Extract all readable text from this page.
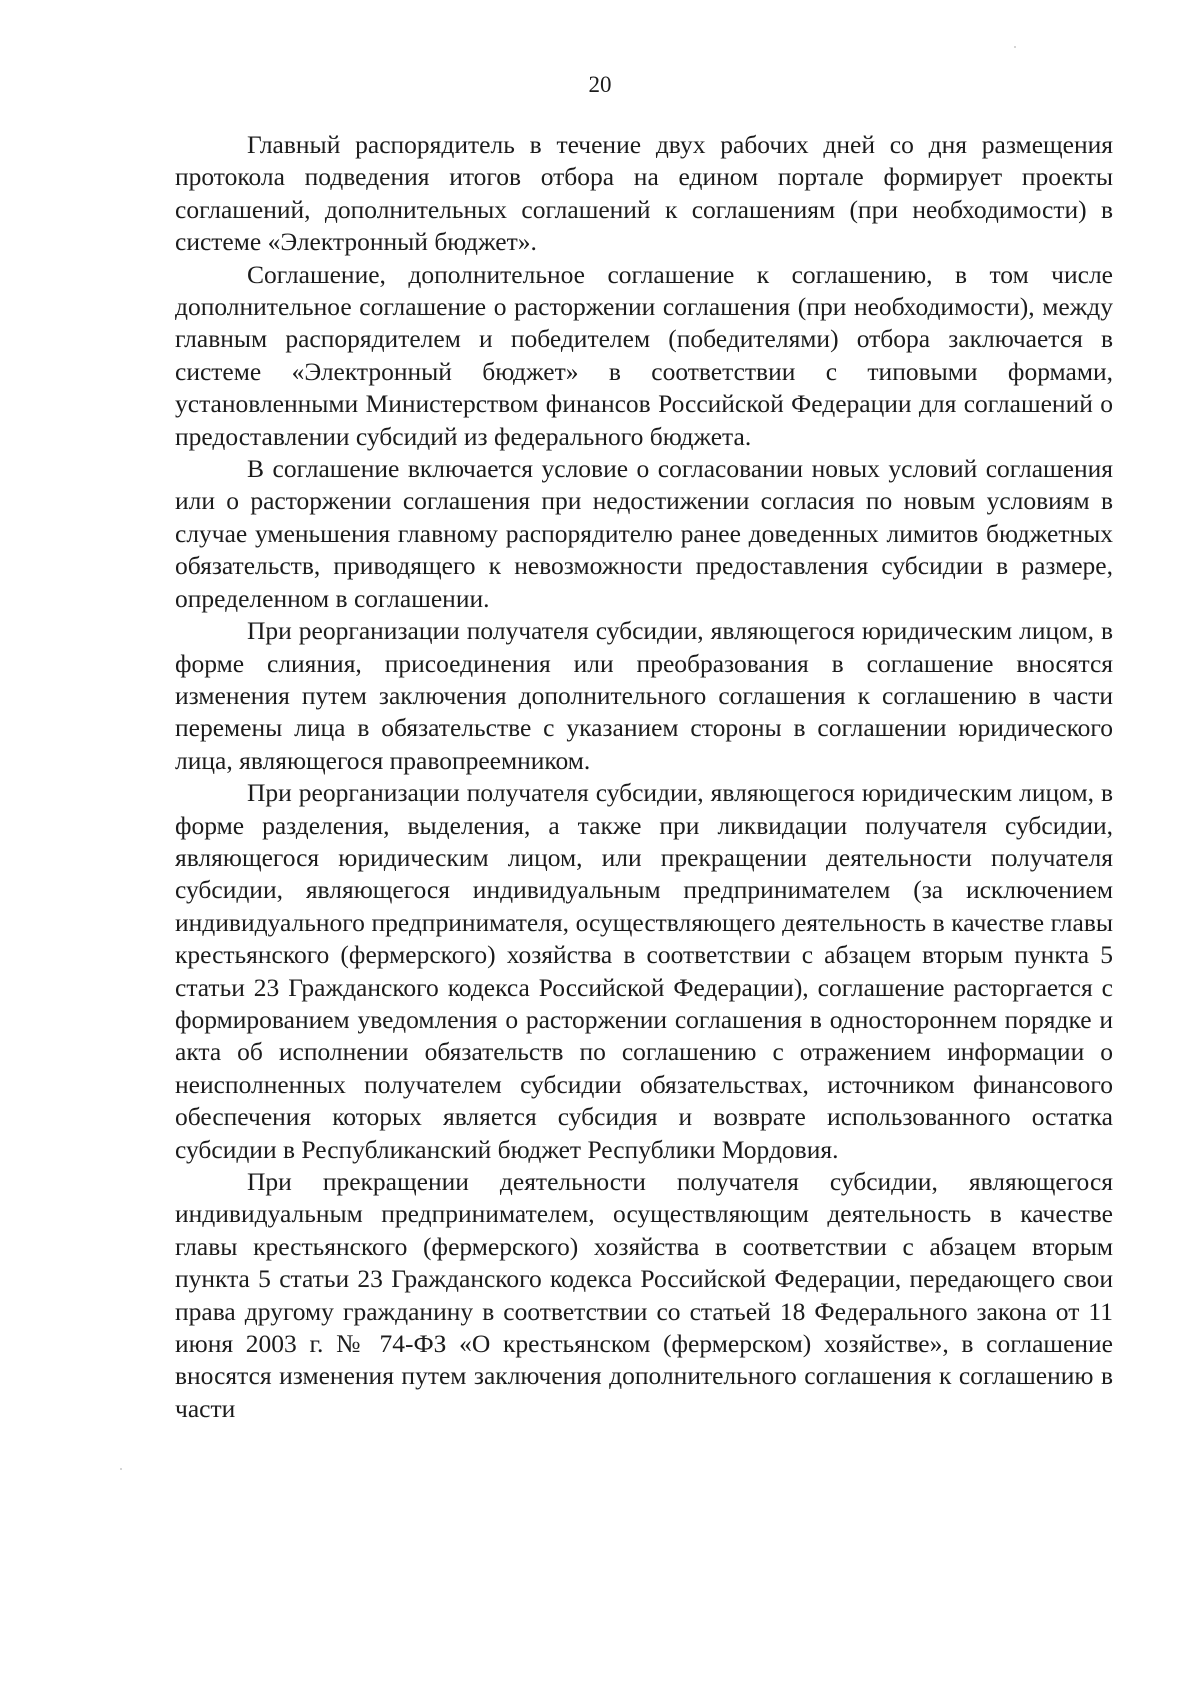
20

Главный распорядитель в течение двух рабочих дней со дня размещения протокола подведения итогов отбора на едином портале формирует проекты соглашений, дополнительных соглашений к соглашениям (при необходимости) в системе «Электронный бюджет».

Соглашение, дополнительное соглашение к соглашению, в том числе дополнительное соглашение о расторжении соглашения (при необходимости), между главным распорядителем и победителем (победителями) отбора заключается в системе «Электронный бюджет» в соответствии с типовыми формами, установленными Министерством финансов Российской Федерации для соглашений о предоставлении субсидий из федерального бюджета.

В соглашение включается условие о согласовании новых условий соглашения или о расторжении соглашения при недостижении согласия по новым условиям в случае уменьшения главному распорядителю ранее доведенных лимитов бюджетных обязательств, приводящего к невозможности предоставления субсидии в размере, определенном в соглашении.

При реорганизации получателя субсидии, являющегося юридическим лицом, в форме слияния, присоединения или преобразования в соглашение вносятся изменения путем заключения дополнительного соглашения к соглашению в части перемены лица в обязательстве с указанием стороны в соглашении юридического лица, являющегося правопреемником.

При реорганизации получателя субсидии, являющегося юридическим лицом, в форме разделения, выделения, а также при ликвидации получателя субсидии, являющегося юридическим лицом, или прекращении деятельности получателя субсидии, являющегося индивидуальным предпринимателем (за исключением индивидуального предпринимателя, осуществляющего деятельность в качестве главы крестьянского (фермерского) хозяйства в соответствии с абзацем вторым пункта 5 статьи 23 Гражданского кодекса Российской Федерации), соглашение расторгается с формированием уведомления о расторжении соглашения в одностороннем порядке и акта об исполнении обязательств по соглашению с отражением информации о неисполненных получателем субсидии обязательствах, источником финансового обеспечения которых является субсидия и возврате использованного остатка субсидии в Республиканский бюджет Республики Мордовия.

При прекращении деятельности получателя субсидии, являющегося индивидуальным предпринимателем, осуществляющим деятельность в качестве главы крестьянского (фермерского) хозяйства в соответствии с абзацем вторым пункта 5 статьи 23 Гражданского кодекса Российской Федерации, передающего свои права другому гражданину в соответствии со статьей 18 Федерального закона от 11 июня 2003 г. № 74-ФЗ «О крестьянском (фермерском) хозяйстве», в соглашение вносятся изменения путем заключения дополнительного соглашения к соглашению в части
